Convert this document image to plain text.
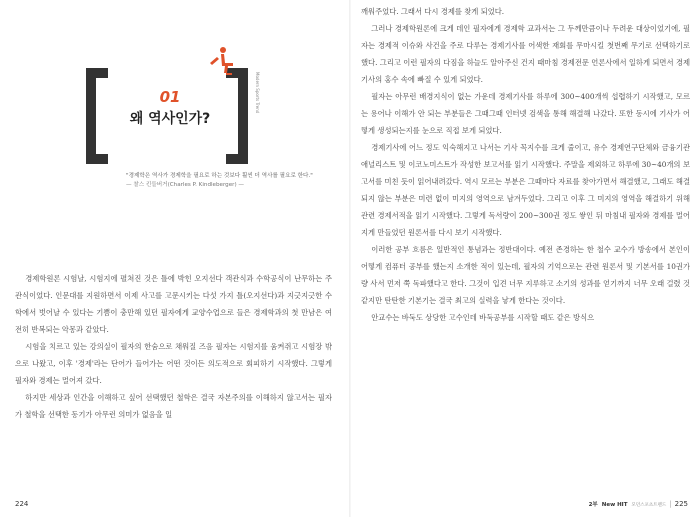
Modern Sports Trend
01
왜 역사인가?
"경제학은 역사가 경제학을 필요로 하는 것보다 훨씬 더 역사를 필요로 한다."
— 찰스 킨들버거(Charles P. Kindleberger) —

경제학원론 시험날, 시험지에 펼쳐진 것은 틀에 박힌 오지선다 객관식과 수학공식이 난무하는 주관식이었다. 인문대를 지원하면서 이제 사고를 고문시키는 다섯 가지 틀(오지선다)과 지긋지긋한 수학에서 벗어날 수 있다는 기쁨이 충만해 있던 필자에게 교양수업으로 들은 경제학과의 첫 만남은 여전히 반복되는 악몽과 같았다.

시험을 치르고 있는 강의실이 필자의 한숨으로 채워질 즈음 필자는 시험지를 움켜쥐고 시험장 밖으로 나왔고, 이후 '경제'라는 단어가 들어가는 어떤 것이든 의도적으로 회피하기 시작했다. 그렇게 필자와 경제는 멀어져 갔다.

하지만 세상과 인간을 이해하고 싶어 선택했던 철학은 결국 자본주의를 이해하지 않고서는 필자가 철학을 선택한 동기가 아무런 의미가 없음을 일

224

깨워주었다. 그래서 다시 경제를 찾게 되었다.

그러나 경제학원론에 크게 데인 필자에게 경제학 교과서는 그 두께만큼이나 두려운 대상이었기에, 필자는 경제적 이슈와 사건을 주로 다루는 경제기사를 어색한 재회를 무마시킬 첫번째 무기로 선택하기로 했다. 그리고 이런 필자의 다짐을 하늘도 알아주신 건지 때마침 경제전문 언론사에서 일하게 되면서 경제기사의 홍수 속에 빠질 수 있게 되었다.

필자는 아무런 배경지식이 없는 가운데 경제기사를 하루에 300~400개씩 섭렵하기 시작했고, 모르는 용어나 이해가 안 되는 부분들은 그때그때 인터넷 검색을 통해 해결해 나갔다. 또한 동시에 기사가 어떻게 생성되는지를 눈으로 직접 보게 되었다.

경제기사에 어느 정도 익숙해지고 나서는 기사 꼭지수를 크게 줄이고, 유수 경제연구단체와 금융기관 애널리스트 및 이코노미스트가 작성한 보고서를 읽기 시작했다. 주말을 제외하고 하루에 30~40개의 보고서를 미친 듯이 읽어내려갔다. 역시 모르는 부분은 그때마다 자료를 찾아가면서 해결했고, 그래도 해결되지 않는 부분은 미련 없이 미지의 영역으로 남겨두었다. 그리고 이후 그 미지의 영역을 해결하기 위해 관련 경제서적을 읽기 시작했다. 그렇게 독서량이 200~300권 정도 쌓인 뒤 마침내 필자와 경제를 멀어지게 만들었던 원론서를 다시 보기 시작했다.

이러한 공부 흐름은 일반적인 통념과는 정반대이다. 예전 존경하는 한 철수 교수가 방송에서 본인이 어떻게 컴퓨터 공부를 했는지 소개한 적이 있는데, 필자의 기억으로는 관련 원론서 및 기본서를 10권가량 사서 먼저 쭉 독파했다고 한다. 그것이 입견 너무 지루하고 소기의 성과를 얻기까지 너무 오래 걸렸 것 같지만 탄탄한 기본기는 결국 최고의 실력을 낳게 한다는 것이다.

안교수는 바둑도 상당한 고수인데 바둑공부를 시작할 때도 같은 방식으

2부 New HIT 모던스포츠트렌드 | 225
